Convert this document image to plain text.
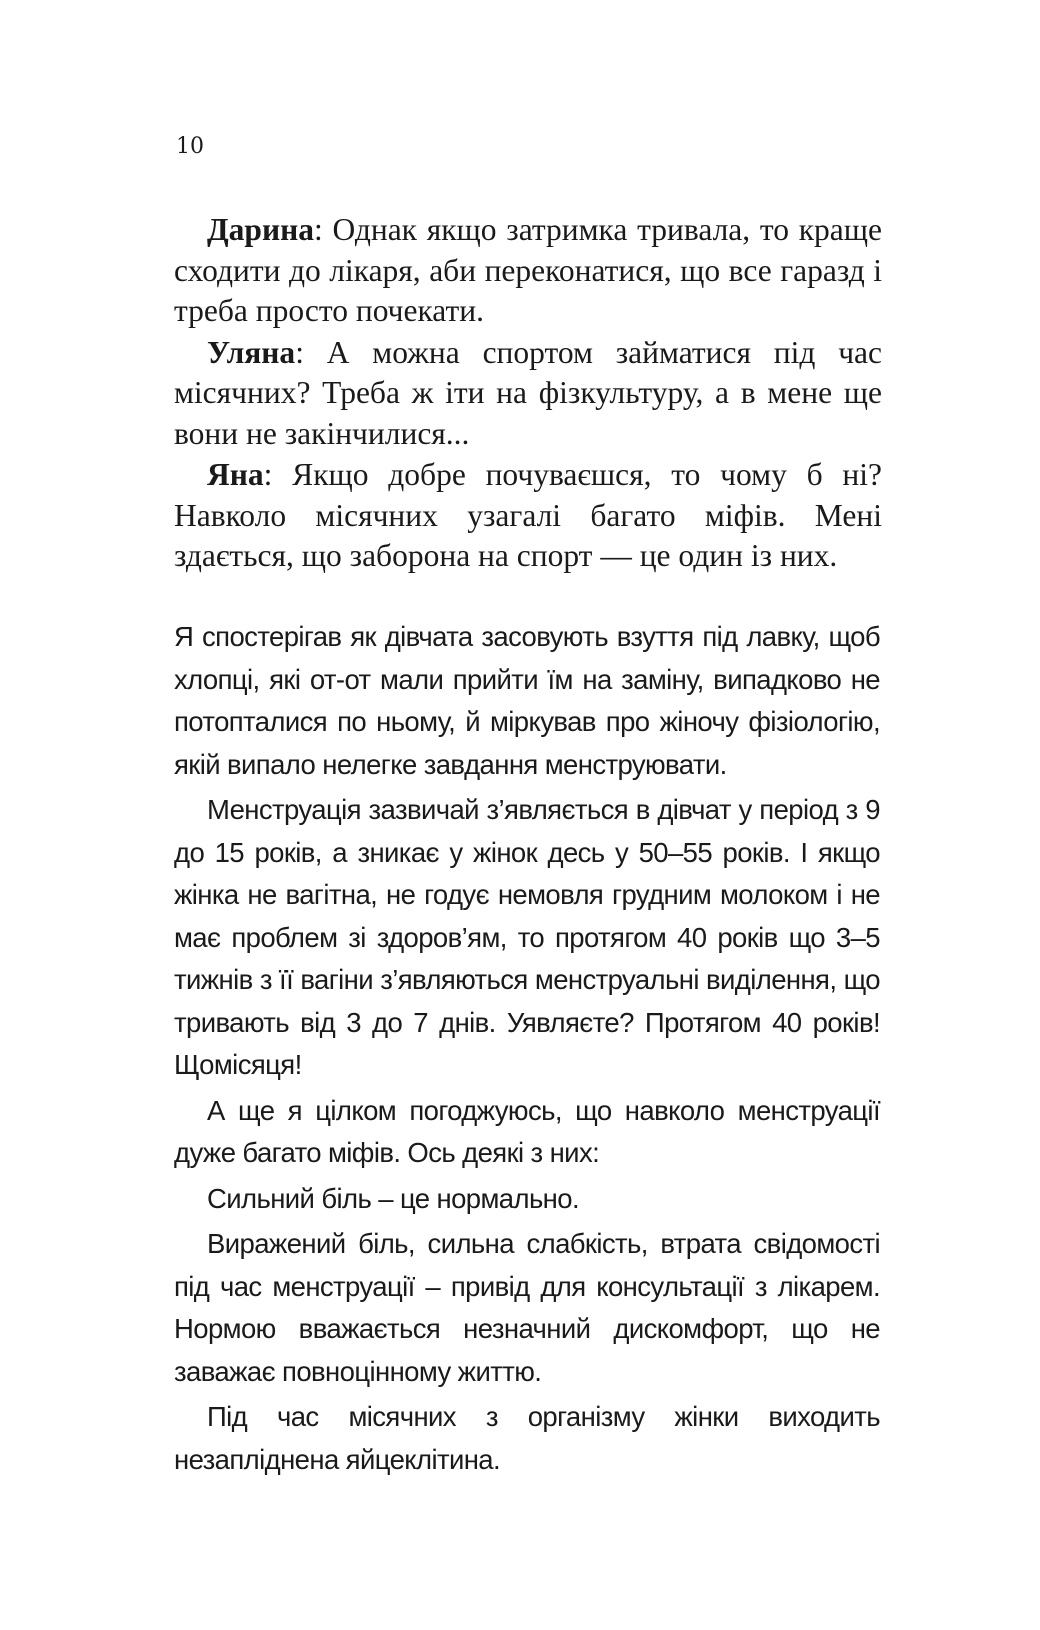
10

Дарина: Однак якщо затримка тривала, то краще сходити до лікаря, аби переконатися, що все гаразд і треба просто почекати.

Уляна: А можна спортом займатися під час місячних? Треба ж іти на фізкультуру, а в мене ще вони не закінчилися...

Яна: Якщо добре почуваєшся, то чому б ні? Навколо місячних узагалі багато міфів. Мені здається, що заборона на спорт — це один із них.

Я спостерігав як дівчата засовують взуття під лавку, щоб хлопці, які от-от мали прийти їм на заміну, випадково не потопталися по ньому, й міркував про жіночу фізіологію, якій випало нелегке завдання менструювати.

Менструація зазвичай з’являється в дівчат у період з 9 до 15 років, а зникає у жінок десь у 50–55 років. І якщо жінка не вагітна, не годує немовля грудним молоком і не має проблем зі здоров’ям, то протягом 40 років що 3–5 тижнів з її вагіни з’являються менструальні виділення, що тривають від 3 до 7 днів. Уявляєте? Протягом 40 років! Щомісяця!

А ще я цілком погоджуюсь, що навколо менструації дуже багато міфів. Ось деякі з них:

Сильний біль – це нормально.

Виражений біль, сильна слабкість, втрата свідомості під час менструації – привід для консультації з лікарем. Нормою вважається незначний дискомфорт, що не заважає повноцінному життю.

Під час місячних з організму жінки виходить незапліднена яйцеклітина.
